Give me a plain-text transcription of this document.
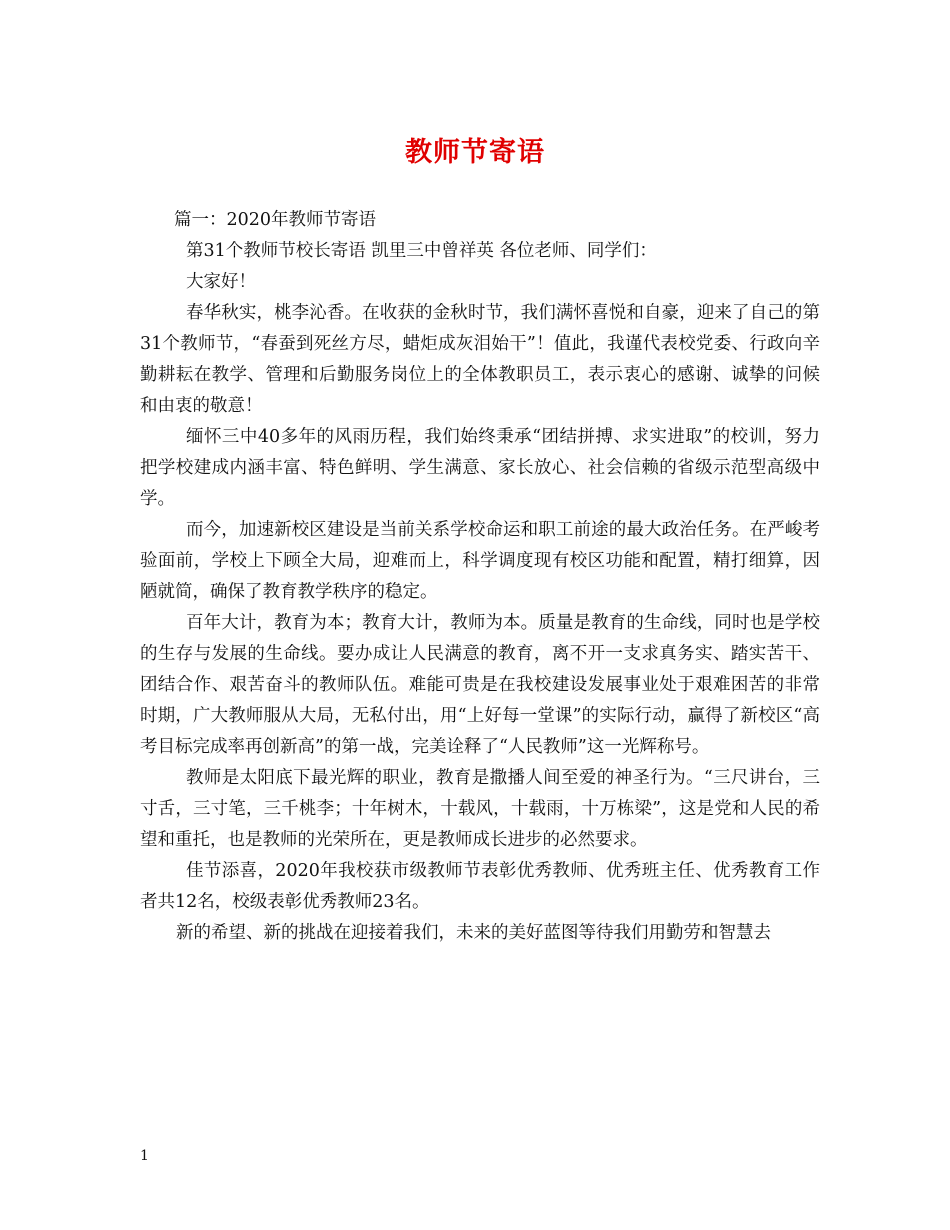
教师节寄语

篇一：2020年教师节寄语

第31个教师节校长寄语 凯里三中曾祥英 各位老师、同学们：

大家好！

春华秋实，桃李沁香。在收获的金秋时节，我们满怀喜悦和自豪，迎来了自己的第31个教师节，“春蚕到死丝方尽，蜡炬成灰泪始干”！值此，我谨代表校党委、行政向辛勤耕耘在教学、管理和后勤服务岗位上的全体教职员工，表示衷心的感谢、诚挚的问候和由衷的敬意！

缅怀三中40多年的风雨历程，我们始终秉承“团结拼搏、求实进取”的校训，努力把学校建成内涵丰富、特色鲜明、学生满意、家长放心、社会信赖的省级示范型高级中学。

而今，加速新校区建设是当前关系学校命运和职工前途的最大政治任务。在严峻考验面前，学校上下顾全大局，迎难而上，科学调度现有校区功能和配置，精打细算，因陋就简，确保了教育教学秩序的稳定。

百年大计，教育为本；教育大计，教师为本。质量是教育的生命线，同时也是学校的生存与发展的生命线。要办成让人民满意的教育，离不开一支求真务实、踏实苦干、团结合作、艰苦奋斗的教师队伍。难能可贵是在我校建设发展事业处于艰难困苦的非常时期，广大教师服从大局，无私付出，用“上好每一堂课”的实际行动，赢得了新校区“高考目标完成率再创新高”的第一战，完美诠释了“人民教师”这一光辉称号。

教师是太阳底下最光辉的职业，教育是撒播人间至爱的神圣行为。“三尺讲台，三寸舌，三寸笔，三千桃李；十年树木，十载风，十载雨，十万栋梁”，这是党和人民的希望和重托，也是教师的光荣所在，更是教师成长进步的必然要求。

佳节添喜，2020年我校获市级教师节表彰优秀教师、优秀班主任、优秀教育工作者共12名，校级表彰优秀教师23名。

新的希望、新的挑战在迎接着我们，未来的美好蓝图等待我们用勤劳和智慧去

1
